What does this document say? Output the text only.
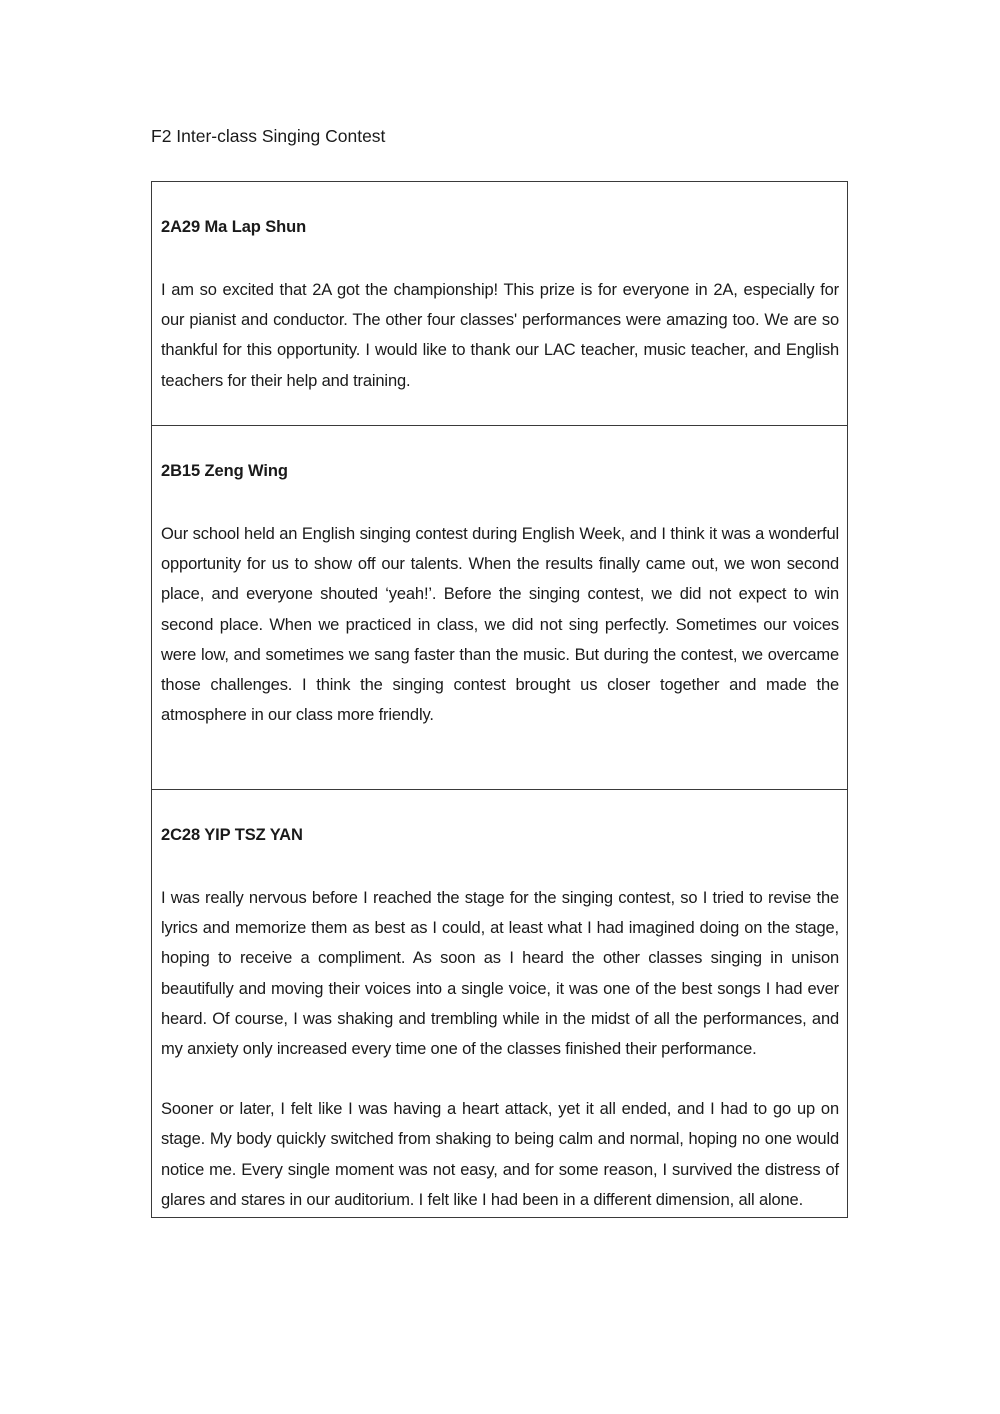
F2 Inter-class Singing Contest
2A29 Ma Lap Shun

I am so excited that 2A got the championship! This prize is for everyone in 2A, especially for our pianist and conductor. The other four classes' performances were amazing too. We are so thankful for this opportunity. I would like to thank our LAC teacher, music teacher, and English teachers for their help and training.

2B15 Zeng Wing

Our school held an English singing contest during English Week, and I think it was a wonderful opportunity for us to show off our talents. When the results finally came out, we won second place, and everyone shouted ‘yeah!’. Before the singing contest, we did not expect to win second place. When we practiced in class, we did not sing perfectly. Sometimes our voices were low, and sometimes we sang faster than the music. But during the contest, we overcame those challenges. I think the singing contest brought us closer together and made the atmosphere in our class more friendly.

2C28 YIP TSZ YAN

I was really nervous before I reached the stage for the singing contest, so I tried to revise the lyrics and memorize them as best as I could, at least what I had imagined doing on the stage, hoping to receive a compliment. As soon as I heard the other classes singing in unison beautifully and moving their voices into a single voice, it was one of the best songs I had ever heard. Of course, I was shaking and trembling while in the midst of all the performances, and my anxiety only increased every time one of the classes finished their performance.

Sooner or later, I felt like I was having a heart attack, yet it all ended, and I had to go up on stage. My body quickly switched from shaking to being calm and normal, hoping no one would notice me. Every single moment was not easy, and for some reason, I survived the distress of glares and stares in our auditorium. I felt like I had been in a different dimension, all alone.
